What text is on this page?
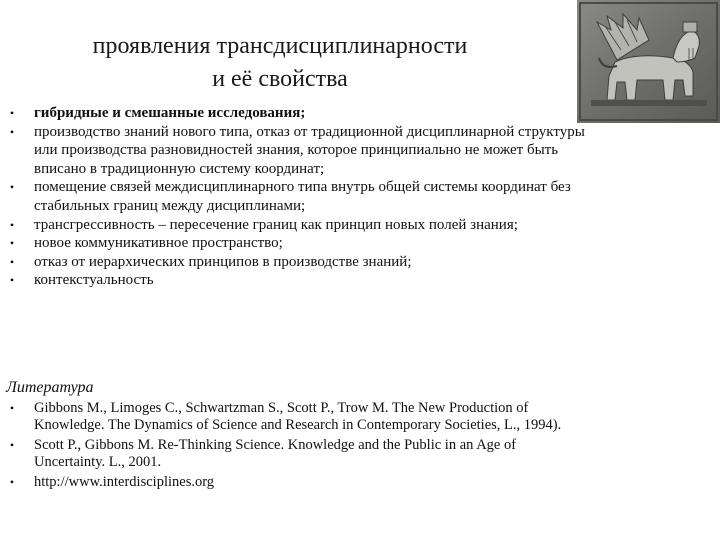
проявления трансдисциплинарности
и её свойства
• гибридные и смешанные исследования;
• производство знаний нового типа, отказ от традиционной дисциплинарной структуры или производства разновидностей знания, которое принципиально не может быть вписано в традиционную систему координат;
• помещение связей междисциплинарного типа внутрь общей системы координат без стабильных границ между дисциплинами;
• трансгрессивность – пересечение границ как принцип новых полей знания;
• новое коммуникативное пространство;
• отказ от иерархических принципов в производстве знаний;
• контекстуальность
Литература
• Gibbons M., Limoges C., Schwartzman S., Scott P., Trow M. The New Production of Knowledge. The Dynamics of Science and Research in Contemporary Societies, L., 1994).
• Scott P., Gibbons M. Re-Thinking Science. Knowledge and the Public in an Age of Uncertainty. L., 2001.
• http://www.interdisciplines.org
